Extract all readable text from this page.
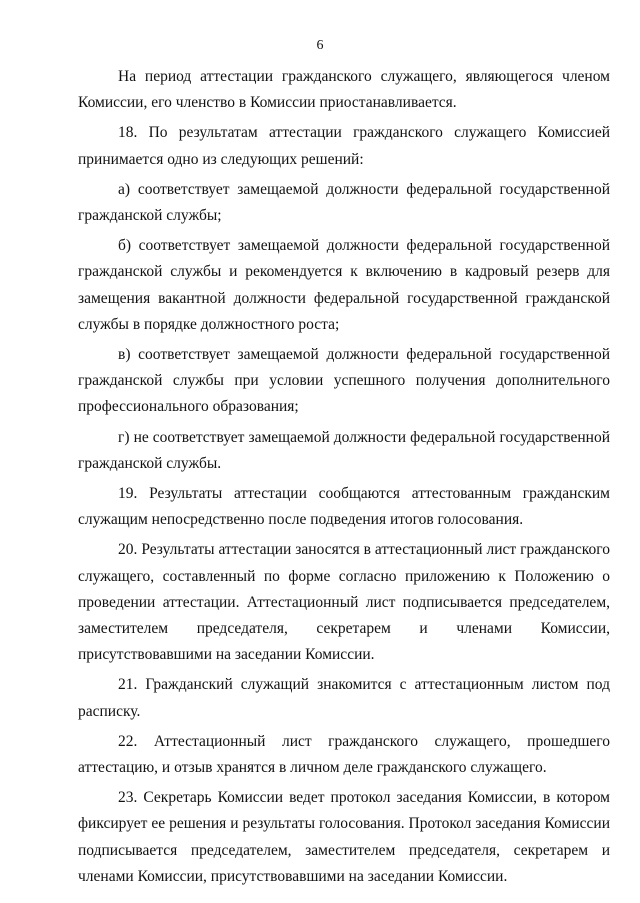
6

На период аттестации гражданского служащего, являющегося членом Комиссии, его членство в Комиссии приостанавливается.

18. По результатам аттестации гражданского служащего Комиссией принимается одно из следующих решений:

а) соответствует замещаемой должности федеральной государственной гражданской службы;

б) соответствует замещаемой должности федеральной государственной гражданской службы и рекомендуется к включению в кадровый резерв для замещения вакантной должности федеральной государственной гражданской службы в порядке должностного роста;

в) соответствует замещаемой должности федеральной государственной гражданской службы при условии успешного получения дополнительного профессионального образования;

г) не соответствует замещаемой должности федеральной государственной гражданской службы.

19. Результаты аттестации сообщаются аттестованным гражданским служащим непосредственно после подведения итогов голосования.

20. Результаты аттестации заносятся в аттестационный лист гражданского служащего, составленный по форме согласно приложению к Положению о проведении аттестации. Аттестационный лист подписывается председателем, заместителем председателя, секретарем и членами Комиссии, присутствовавшими на заседании Комиссии.

21. Гражданский служащий знакомится с аттестационным листом под расписку.

22. Аттестационный лист гражданского служащего, прошедшего аттестацию, и отзыв хранятся в личном деле гражданского служащего.

23. Секретарь Комиссии ведет протокол заседания Комиссии, в котором фиксирует ее решения и результаты голосования. Протокол заседания Комиссии подписывается председателем, заместителем председателя, секретарем и членами Комиссии, присутствовавшими на заседании Комиссии.
